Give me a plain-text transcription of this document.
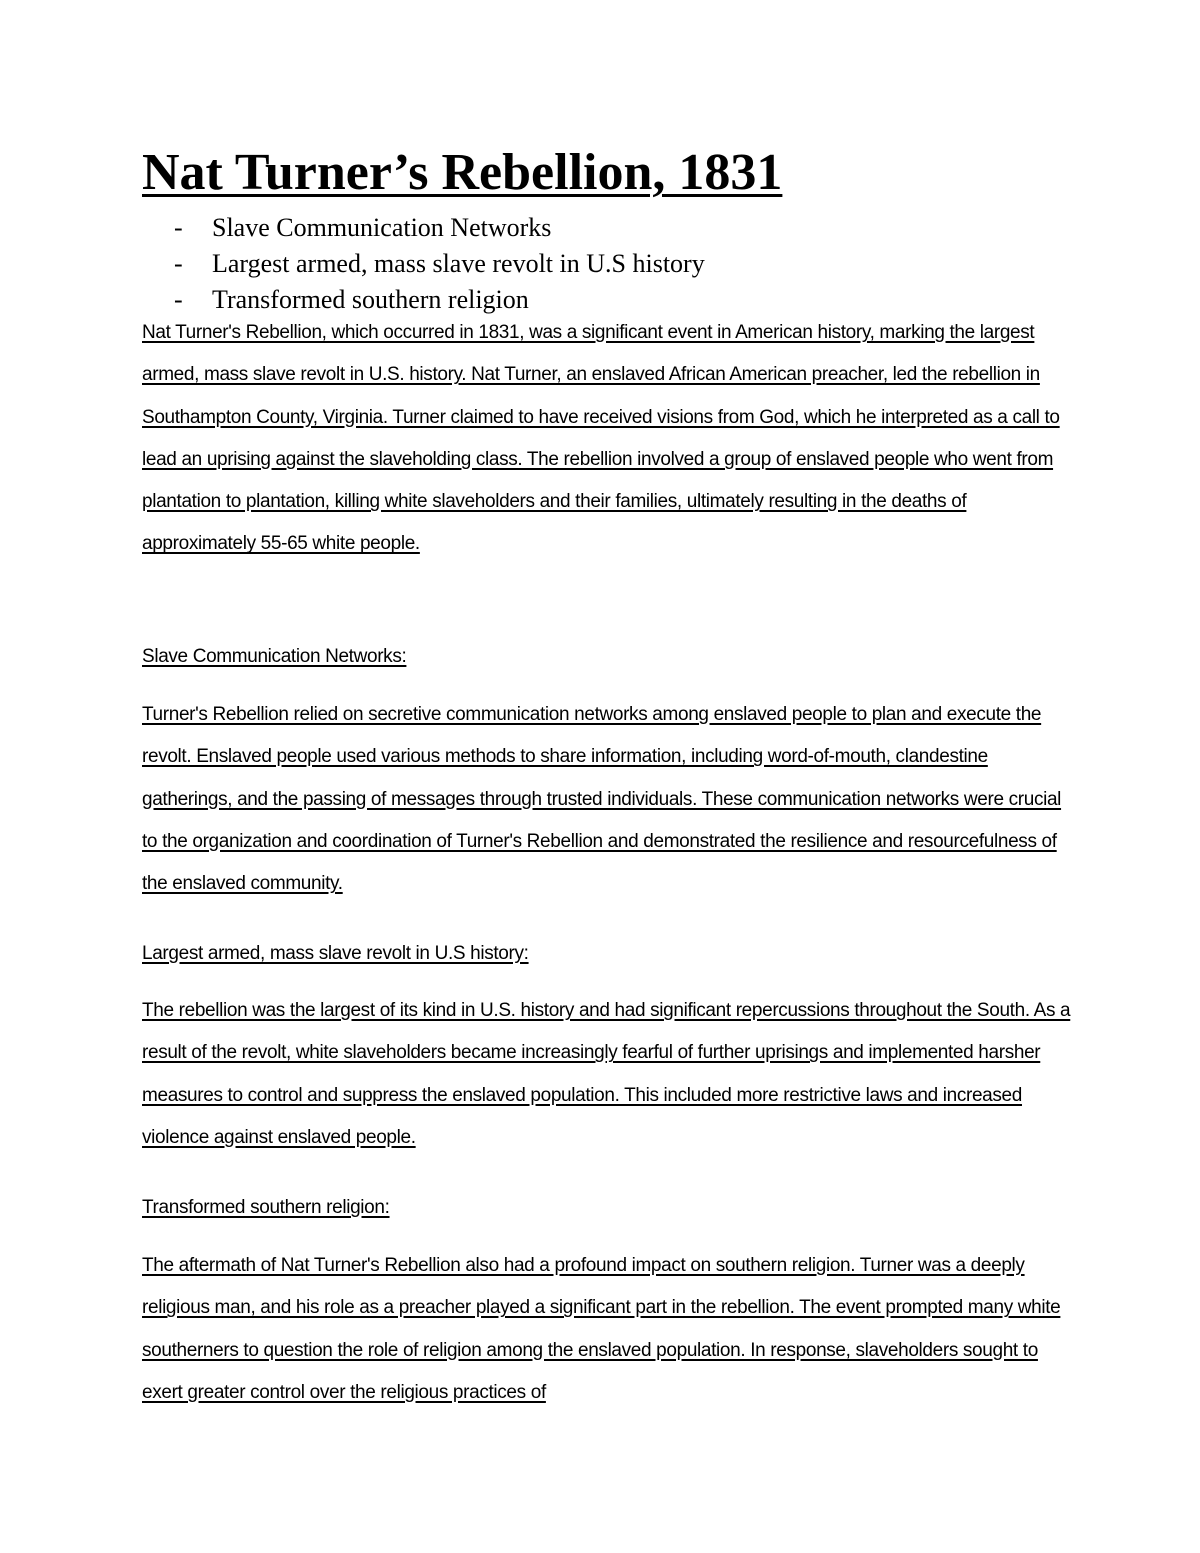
Nat Turner’s Rebellion, 1831
- Slave Communication Networks
- Largest armed, mass slave revolt in U.S history
- Transformed southern religion

Nat Turner's Rebellion, which occurred in 1831, was a significant event in American history, marking the largest armed, mass slave revolt in U.S. history. Nat Turner, an enslaved African American preacher, led the rebellion in Southampton County, Virginia. Turner claimed to have received visions from God, which he interpreted as a call to lead an uprising against the slaveholding class. The rebellion involved a group of enslaved people who went from plantation to plantation, killing white slaveholders and their families, ultimately resulting in the deaths of approximately 55-65 white people.

Slave Communication Networks:

Turner's Rebellion relied on secretive communication networks among enslaved people to plan and execute the revolt. Enslaved people used various methods to share information, including word-of-mouth, clandestine gatherings, and the passing of messages through trusted individuals. These communication networks were crucial to the organization and coordination of Turner's Rebellion and demonstrated the resilience and resourcefulness of the enslaved community.

Largest armed, mass slave revolt in U.S history:

The rebellion was the largest of its kind in U.S. history and had significant repercussions throughout the South. As a result of the revolt, white slaveholders became increasingly fearful of further uprisings and implemented harsher measures to control and suppress the enslaved population. This included more restrictive laws and increased violence against enslaved people.

Transformed southern religion:

The aftermath of Nat Turner's Rebellion also had a profound impact on southern religion. Turner was a deeply religious man, and his role as a preacher played a significant part in the rebellion. The event prompted many white southerners to question the role of religion among the enslaved population. In response, slaveholders sought to exert greater control over the religious practices of
